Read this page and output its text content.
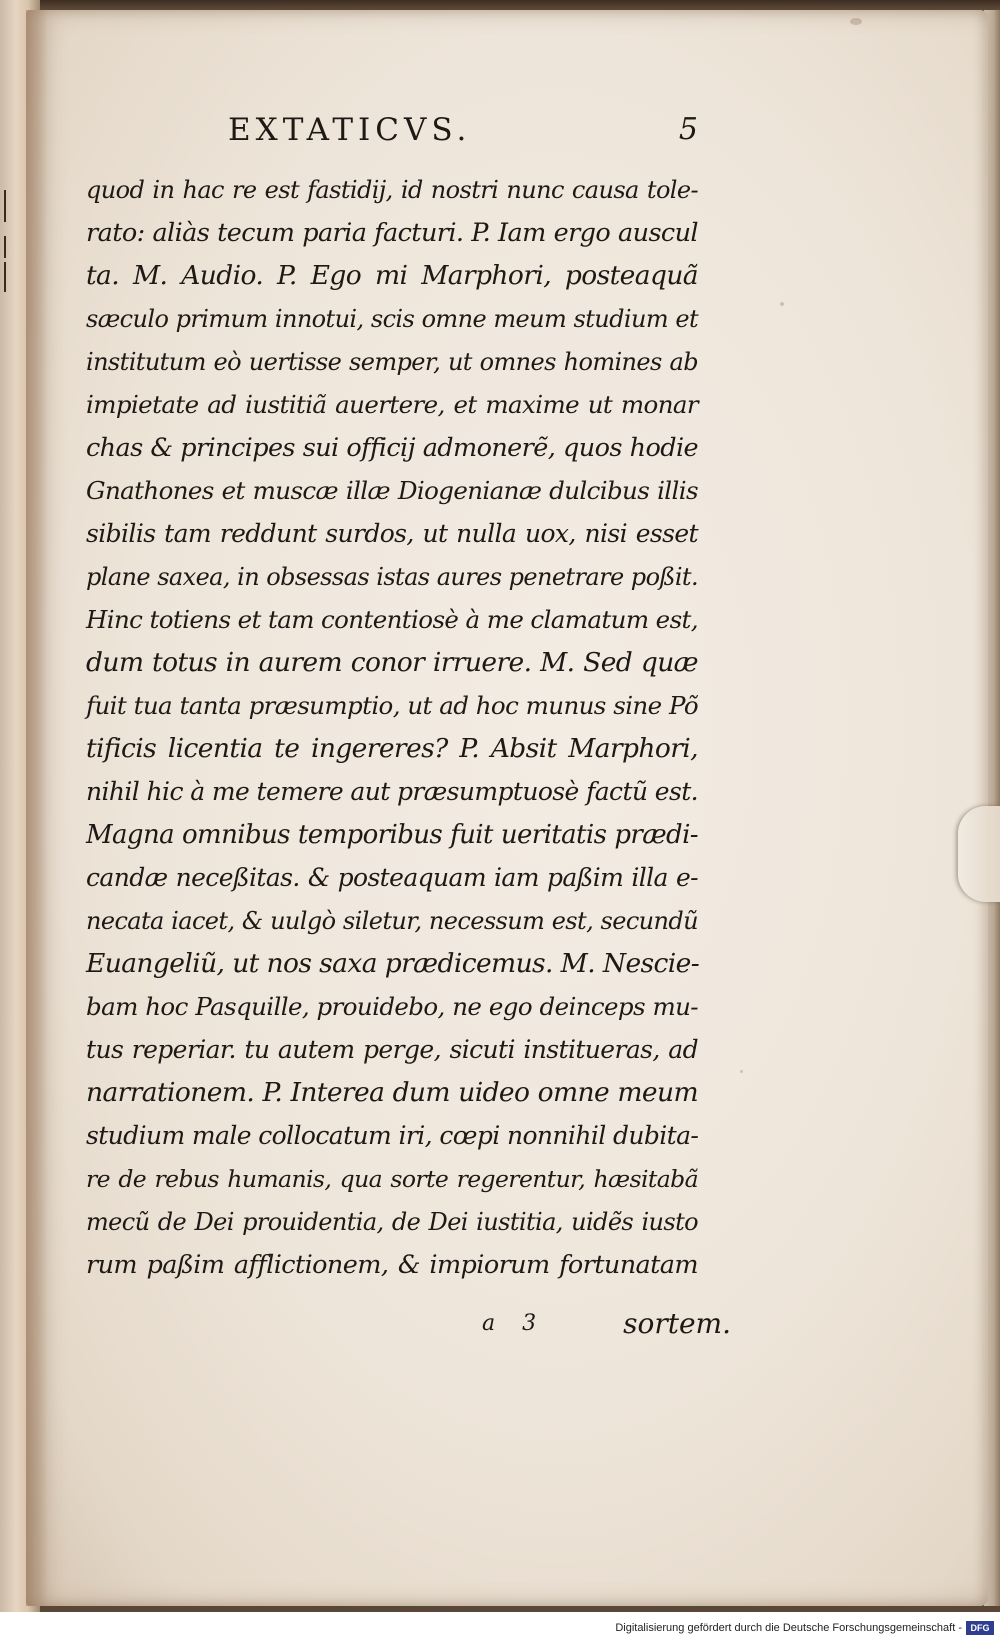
EXTATICVS.	5
quod in hac re est fastidij, id nostri nunc causa tole-
rato: aliàs tecum paria facturi. P. Iam ergo auscul
ta. M. Audio. P. Ego mi Marphori, posteaquã
sæculo primum innotui, scis omne meum studium et
institutum eò uertisse semper, ut omnes homines ab
impietate ad iustitiã auertere, et maxime ut monar
chas & principes sui officij admonerẽ, quos hodie
Gnathones et muscæ illæ Diogenianæ dulcibus illis
sibilis tam reddunt surdos, ut nulla uox, nisi esset
plane saxea, in obsessas istas aures penetrare poßit.
Hinc totiens et tam contentiosè à me clamatum est,
dum totus in aurem conor irruere. M. Sed quæ
fuit tua tanta præsumptio, ut ad hoc munus sine Põ
tificis licentia te ingereres? P. Absit Marphori,
nihil hic à me temere aut præsumptuosè factũ est.
Magna omnibus temporibus fuit ueritatis prædi-
candæ neceßitas. & posteaquam iam paßim illa e-
necata iacet, & uulgò siletur, necessum est, secundũ
Euangeliũ, ut nos saxa prædicemus. M. Nescie-
bam hoc Pasquille, prouidebo, ne ego deinceps mu-
tus reperiar. tu autem perge, sicuti institueras, ad
narrationem. P. Interea dum uideo omne meum
studium male collocatum iri, cœpi nonnihil dubita-
re de rebus humanis, qua sorte regerentur, hæsitabã
mecũ de Dei prouidentia, de Dei iustitia, uidẽs iusto
rum paßim afflictionem, & impiorum fortunatam
a 3	sortem.
Digitalisierung gefördert durch die Deutsche Forschungsgemeinschaft - DFG
